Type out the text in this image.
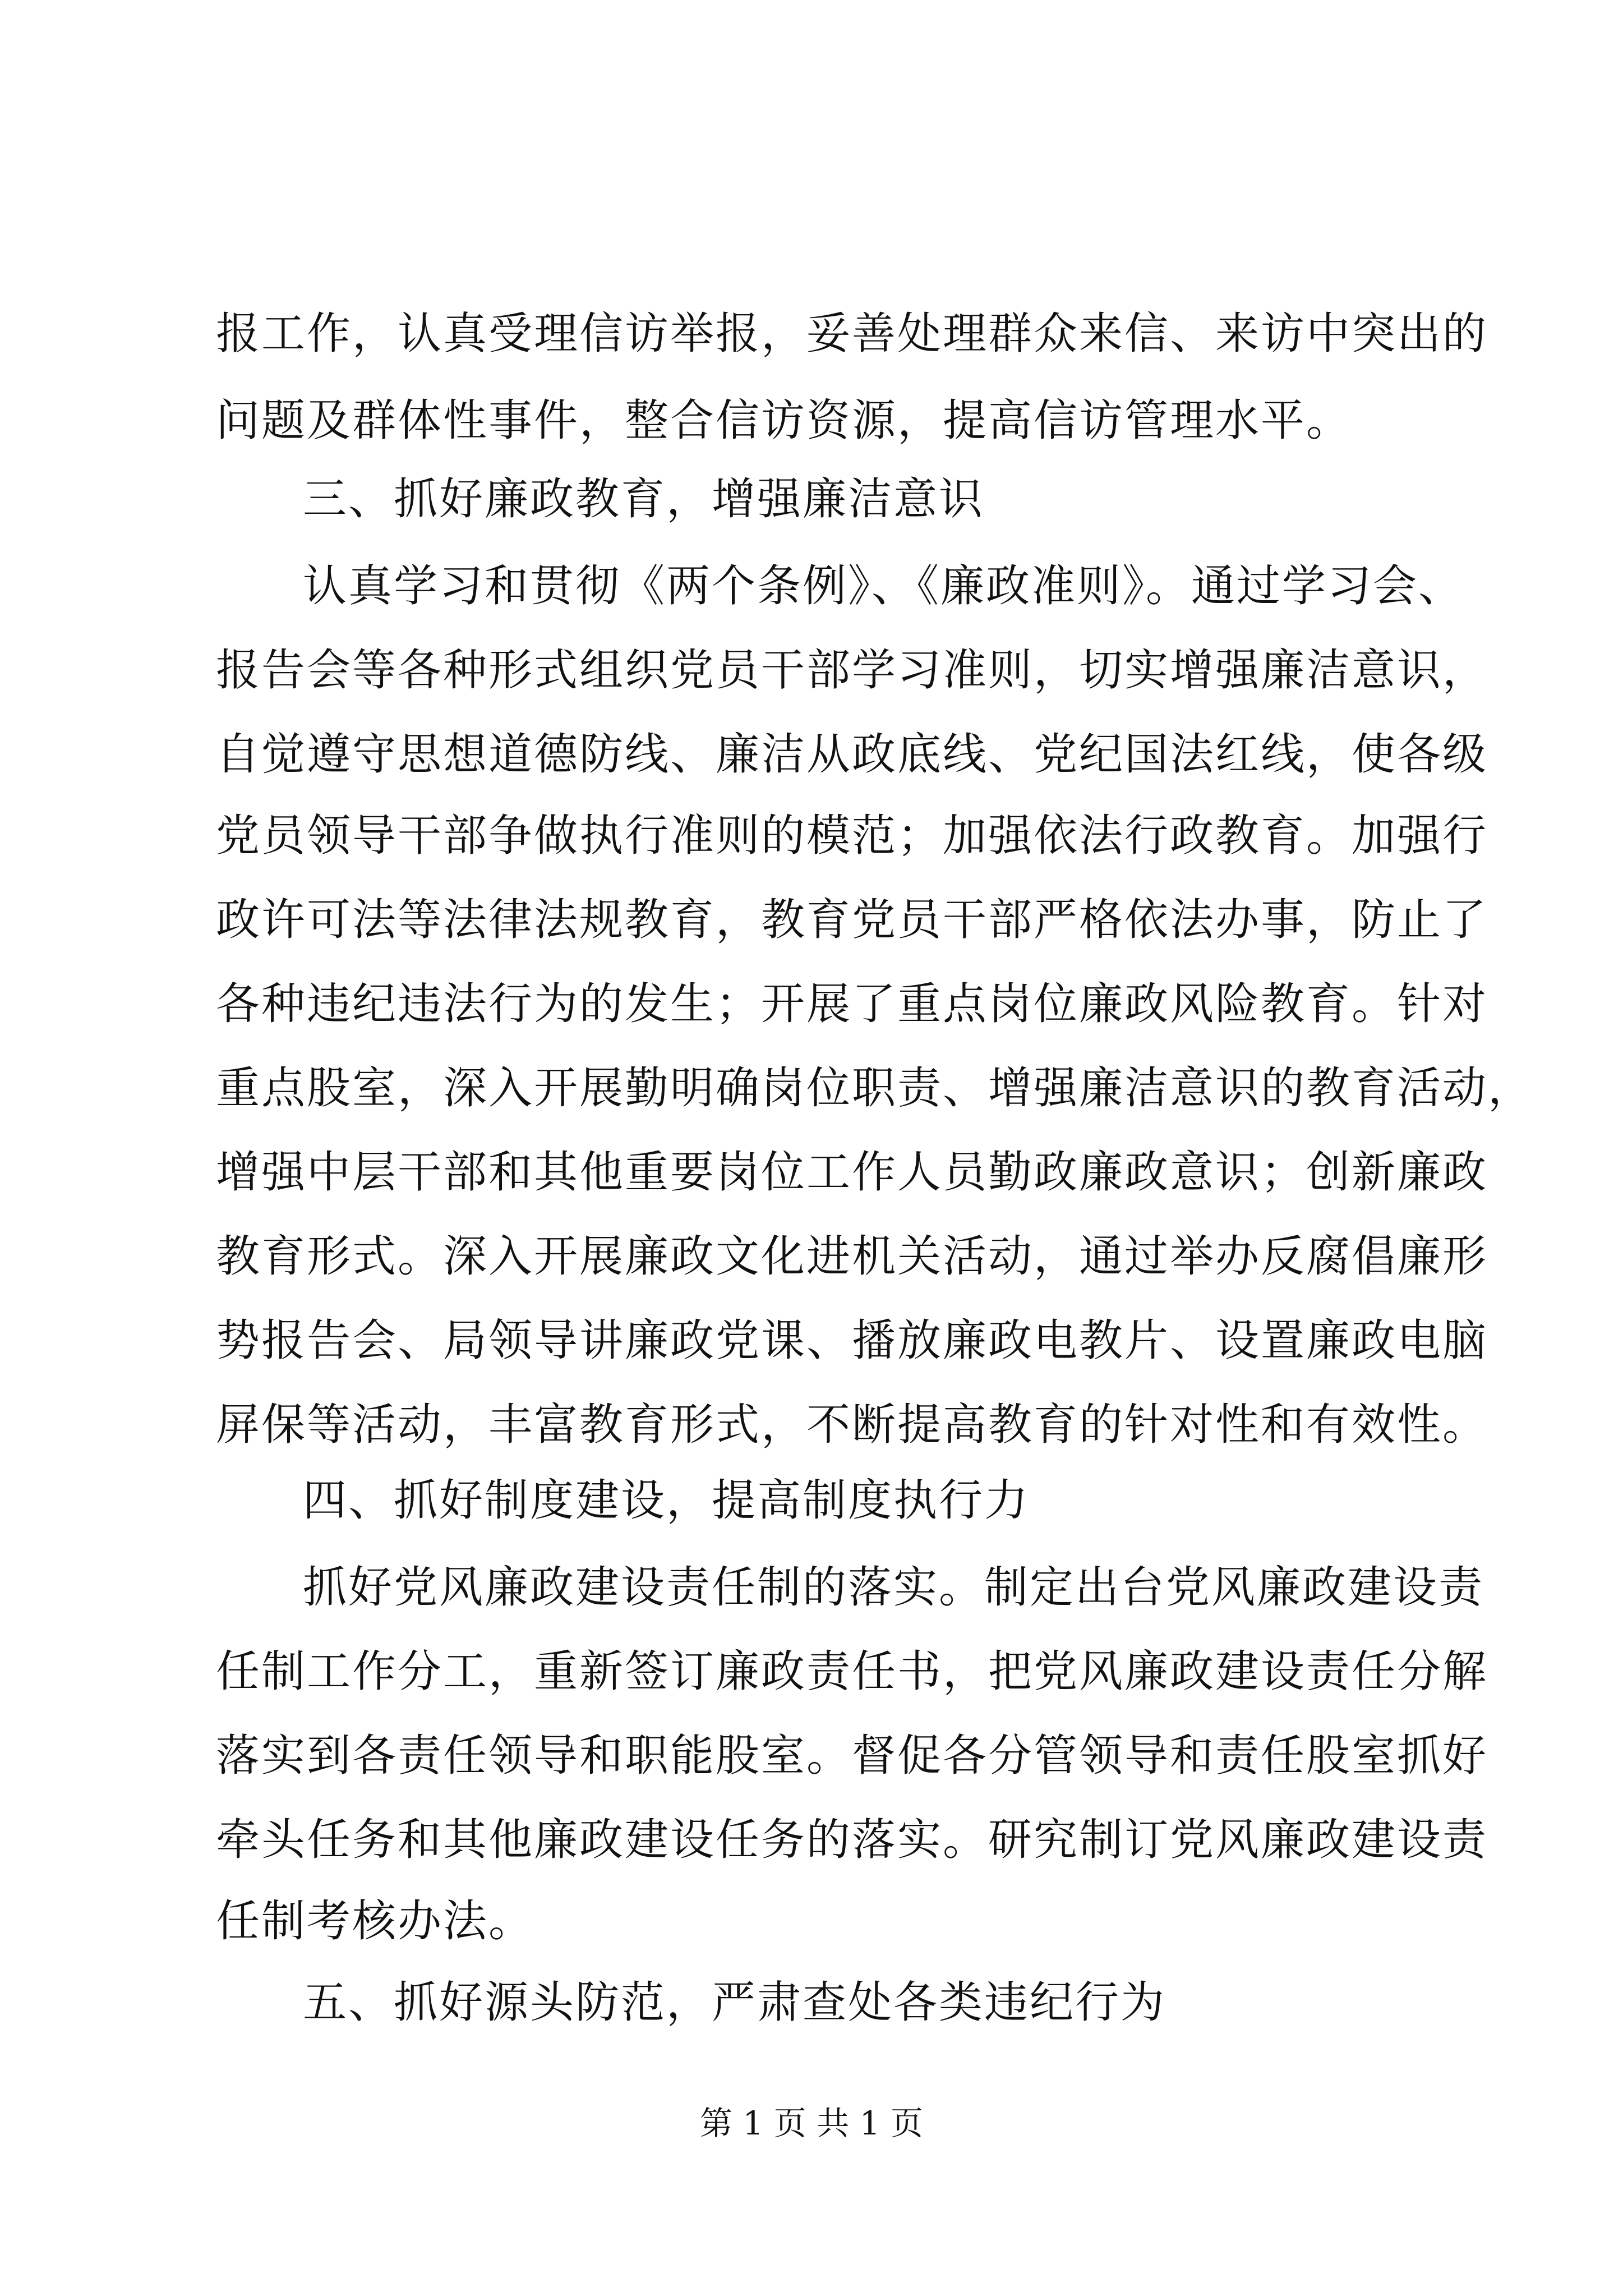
报工作，认真受理信访举报，妥善处理群众来信、来访中突出的
问题及群体性事件，整合信访资源，提高信访管理水平。
三、抓好廉政教育，增强廉洁意识
认真学习和贯彻《两个条例》、《廉政准则》。通过学习会、
报告会等各种形式组织党员干部学习准则，切实增强廉洁意识，
自觉遵守思想道德防线、廉洁从政底线、党纪国法红线，使各级
党员领导干部争做执行准则的模范；加强依法行政教育。加强行
政许可法等法律法规教育，教育党员干部严格依法办事，防止了
各种违纪违法行为的发生；开展了重点岗位廉政风险教育。针对
重点股室，深入开展勤明确岗位职责、增强廉洁意识的教育活动，
增强中层干部和其他重要岗位工作人员勤政廉政意识；创新廉政
教育形式。深入开展廉政文化进机关活动，通过举办反腐倡廉形
势报告会、局领导讲廉政党课、播放廉政电教片、设置廉政电脑
屏保等活动，丰富教育形式，不断提高教育的针对性和有效性。
四、抓好制度建设，提高制度执行力
抓好党风廉政建设责任制的落实。制定出台党风廉政建设责
任制工作分工，重新签订廉政责任书，把党风廉政建设责任分解
落实到各责任领导和职能股室。督促各分管领导和责任股室抓好
牵头任务和其他廉政建设任务的落实。研究制订党风廉政建设责
任制考核办法。
五、抓好源头防范，严肃查处各类违纪行为
第 1 页 共 1 页
